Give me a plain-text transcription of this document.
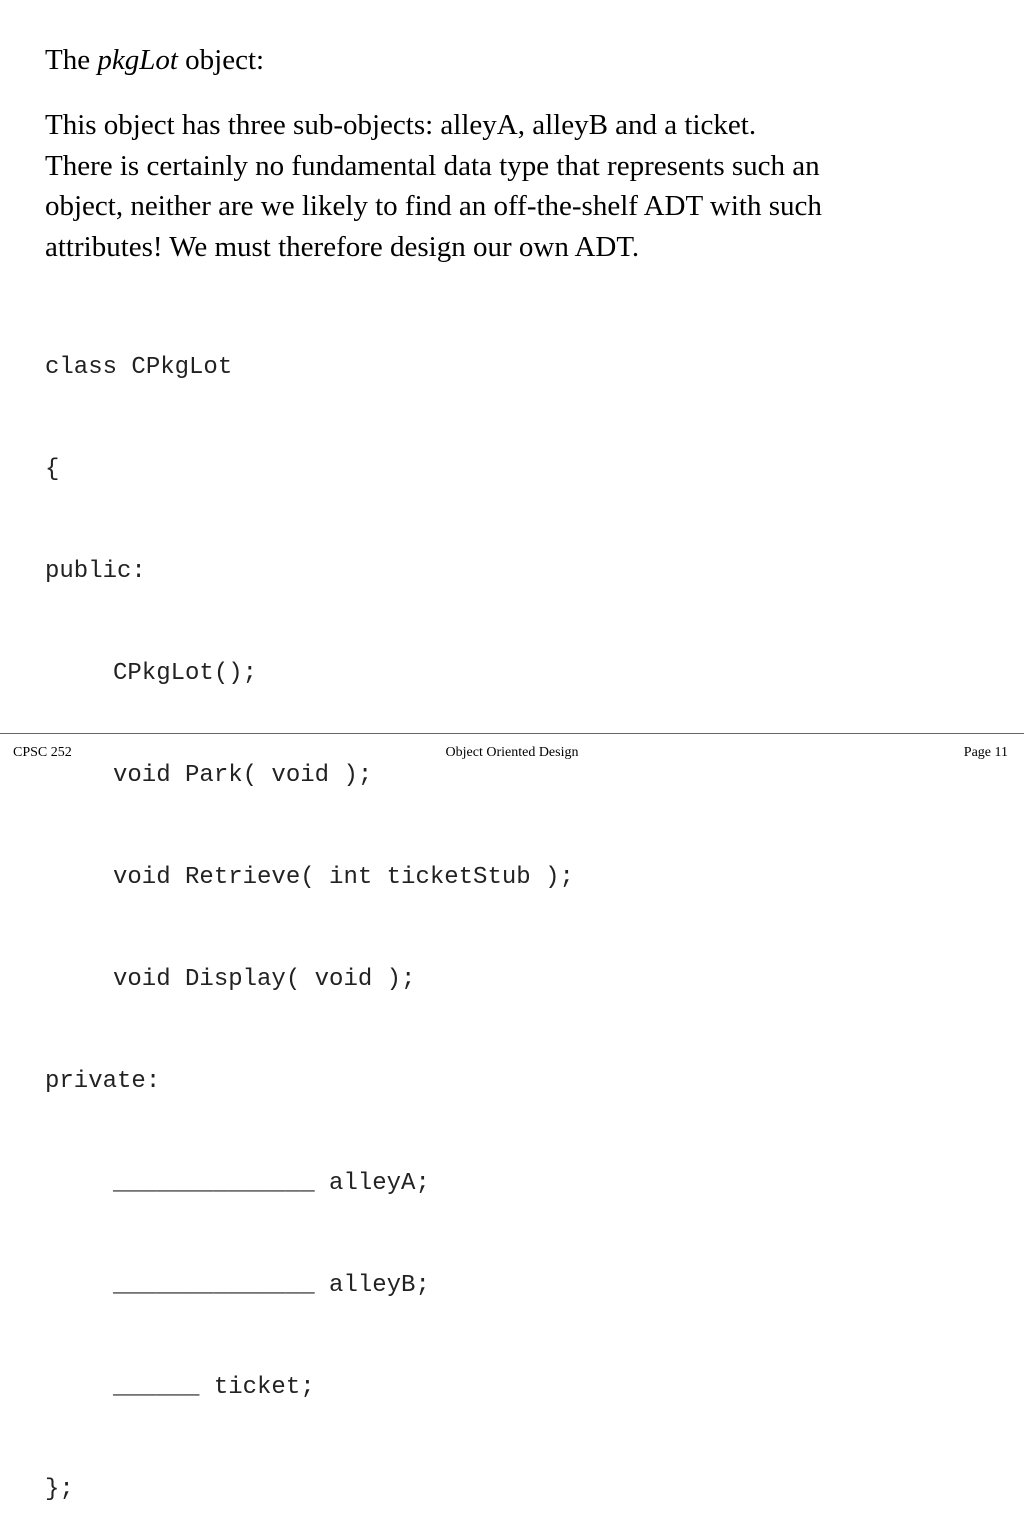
The pkgLot object:
This object has three sub-objects: alleyA, alleyB and a ticket.
There is certainly no fundamental data type that represents such an
object, neither are we likely to find an off-the-shelf ADT with such
attributes! We must therefore design our own ADT.

class CPkgLot

{

public:

CPkgLot();

void Park( void );

void Retrieve( int ticketStub );

void Display( void );

private:

______________ alleyA;

______________ alleyB;

______ ticket;

};

Object Oriented Design
CPSC 252	Page 11
